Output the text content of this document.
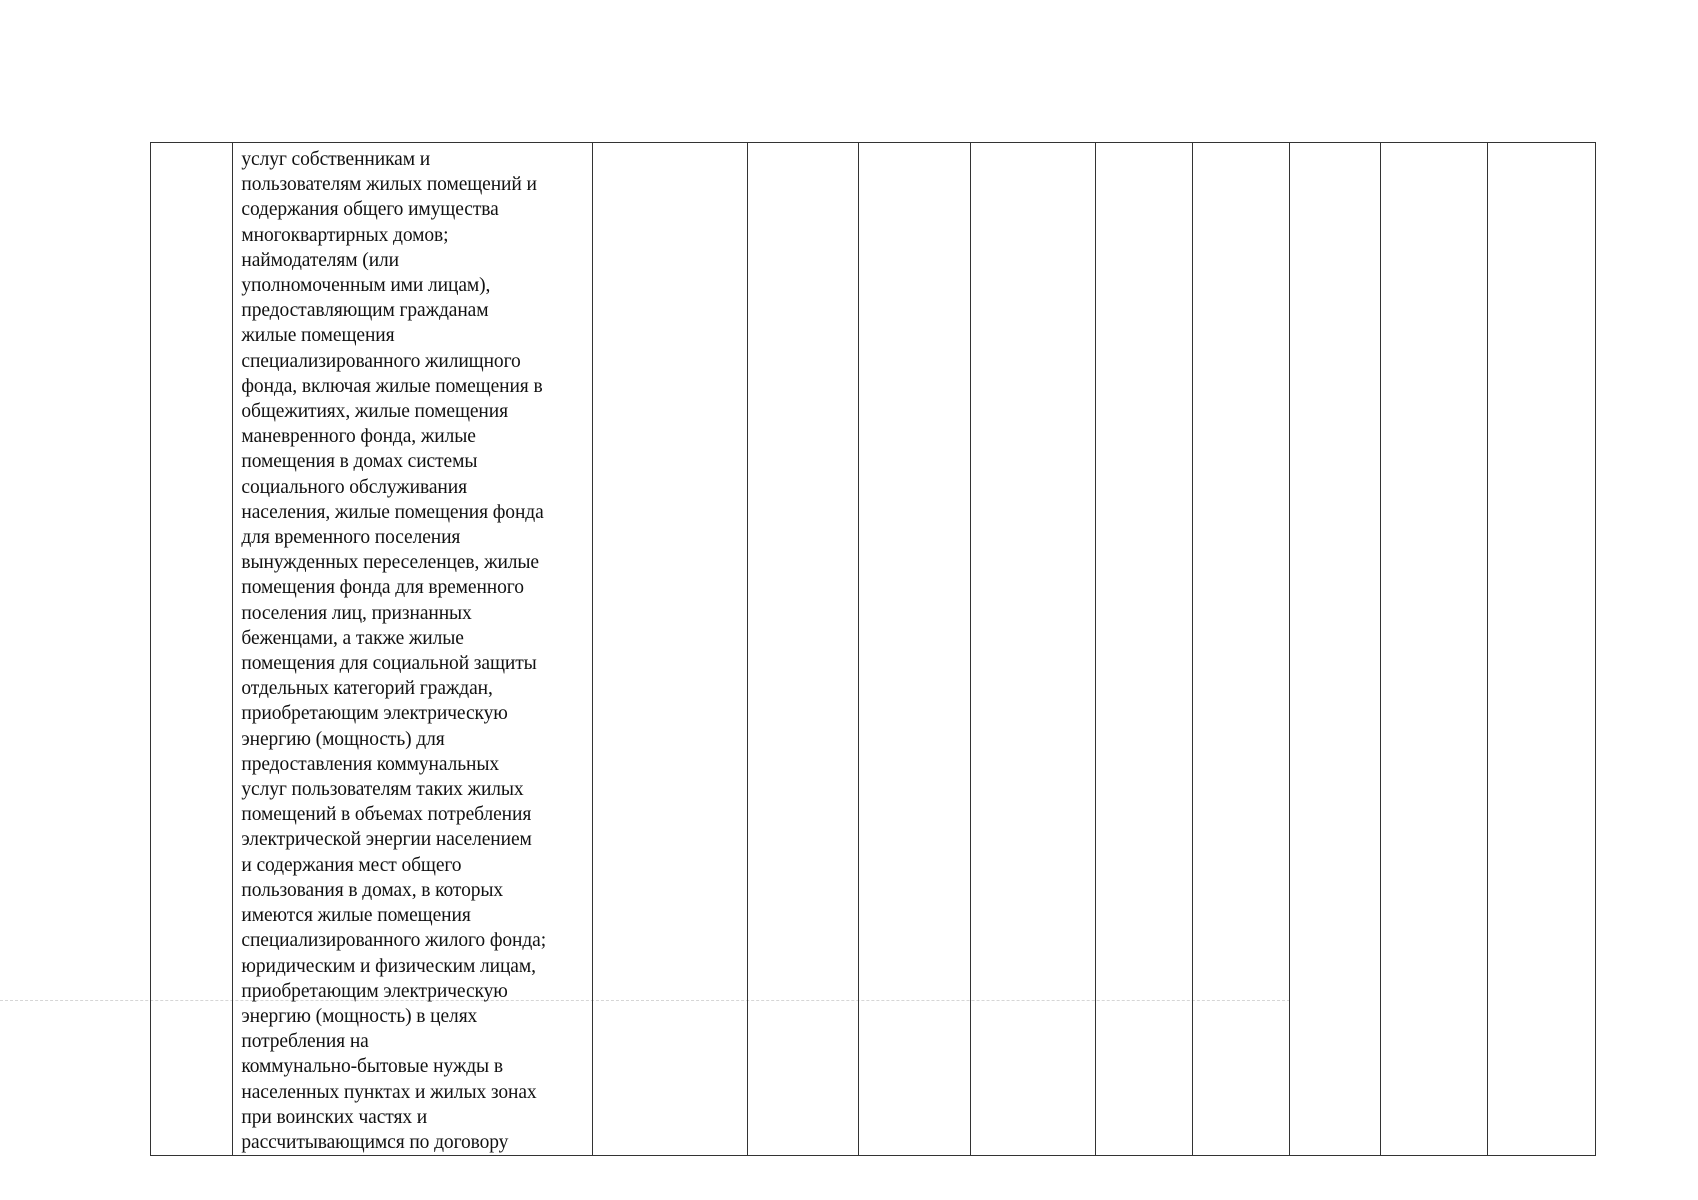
услуг собственникам и
пользователям жилых помещений и
содержания общего имущества
многоквартирных домов;
наймодателям (или
уполномоченным ими лицам),
предоставляющим гражданам
жилые помещения
специализированного жилищного
фонда, включая жилые помещения в
общежитиях, жилые помещения
маневренного фонда, жилые
помещения в домах системы
социального обслуживания
населения, жилые помещения фонда
для временного поселения
вынужденных переселенцев, жилые
помещения фонда для временного
поселения лиц, признанных
беженцами, а также жилые
помещения для социальной защиты
отдельных категорий граждан,
приобретающим электрическую
энергию (мощность) для
предоставления коммунальных
услуг пользователям таких жилых
помещений в объемах потребления
электрической энергии населением
и содержания мест общего
пользования в домах, в которых
имеются жилые помещения
специализированного жилого фонда;
юридическим и физическим лицам,
приобретающим электрическую
энергию (мощность) в целях
потребления на
коммунально-бытовые нужды в
населенных пунктах и жилых зонах
при воинских частях и
рассчитывающимся по договору
